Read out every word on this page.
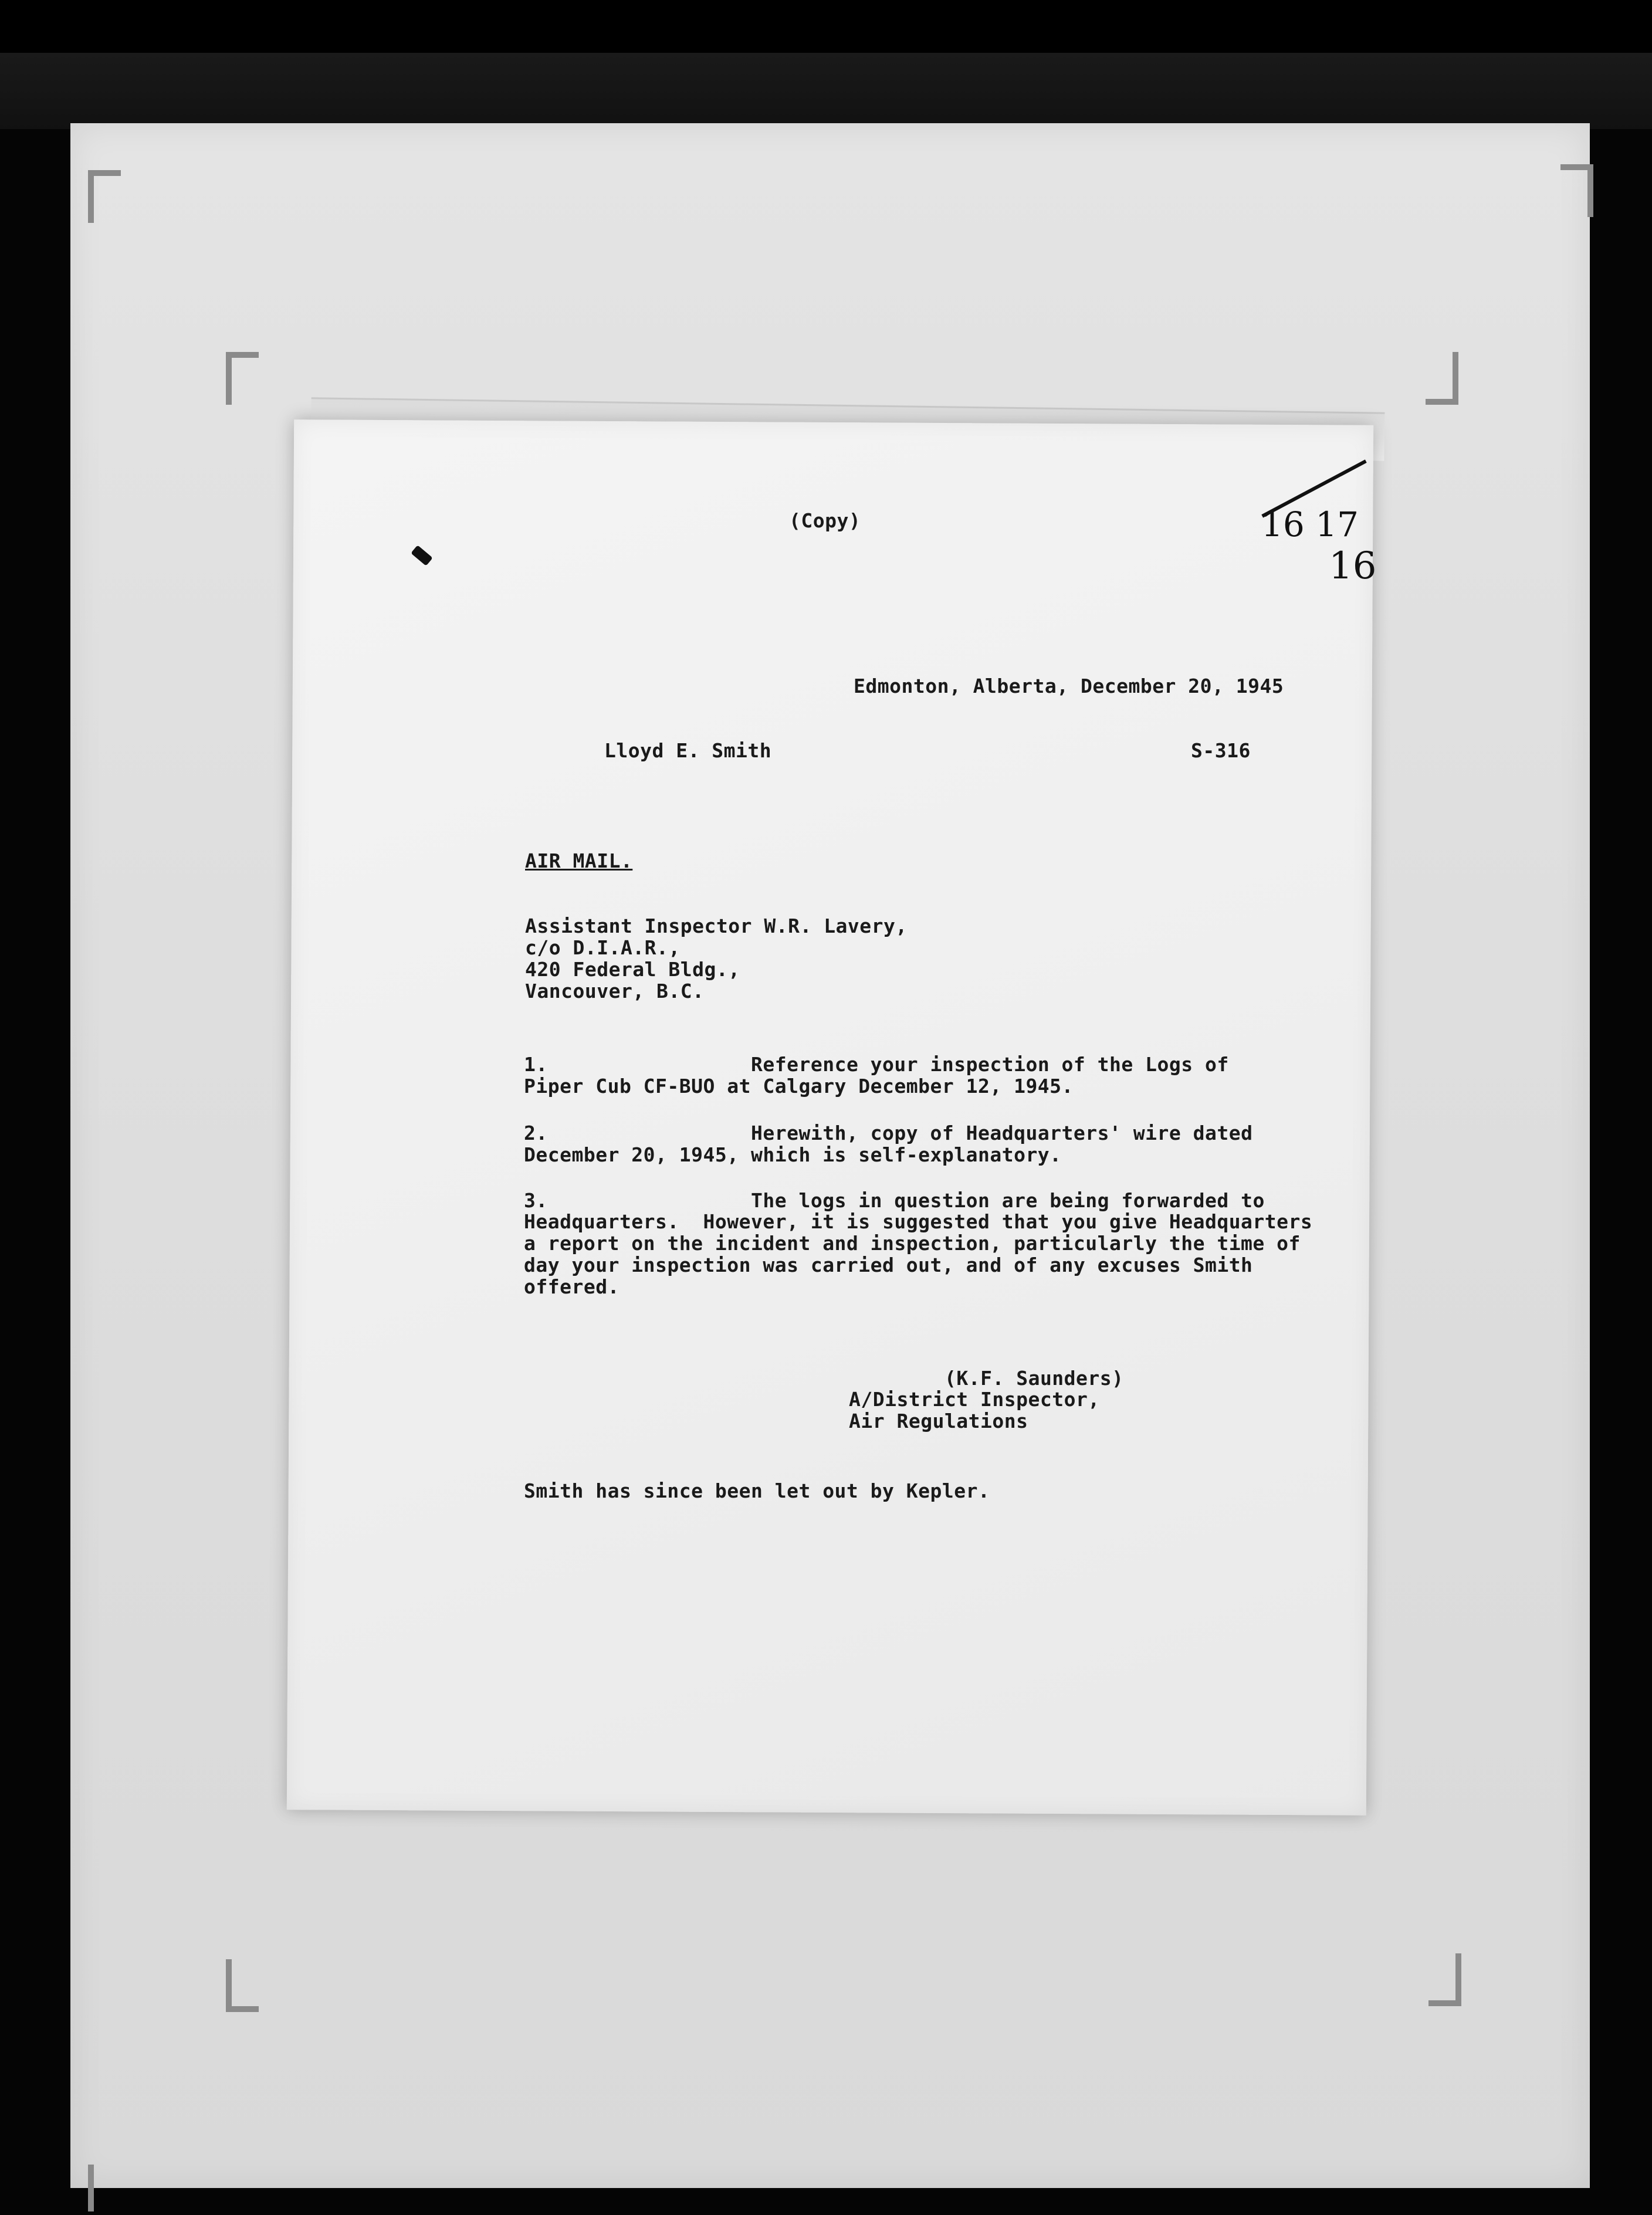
(Copy)	16 17
16
Edmonton, Alberta, December 20, 1945
Lloyd E. Smith	S-316
AIR MAIL.
Assistant Inspector W.R. Lavery,
c/o D.I.A.R.,
420 Federal Bldg.,
Vancouver, B.C.
1.	Reference your inspection of the Logs of
Piper Cub CF-BUO at Calgary December 12, 1945.
2.	Herewith, copy of Headquarters' wire dated
December 20, 1945, which is self-explanatory.
3.	The logs in question are being forwarded to
Headquarters.  However, it is suggested that you give Headquarters
a report on the incident and inspection, particularly the time of
day your inspection was carried out, and of any excuses Smith
offered.
(K.F. Saunders)
A/District Inspector,
Air Regulations
Smith has since been let out by Kepler.
